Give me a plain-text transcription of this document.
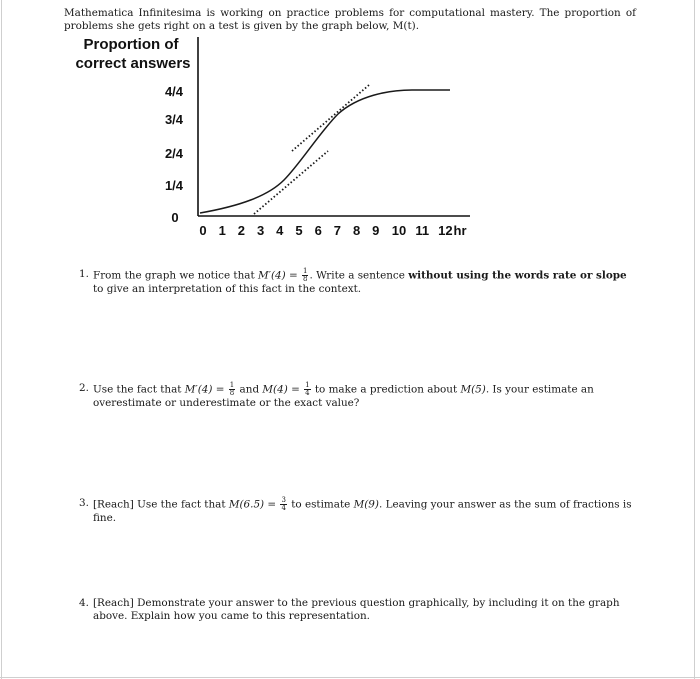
Mathematica Infinitesima is working on practice problems for computational mastery. The proportion of problems she gets right on a test is given by the graph below, M(t).

Proportion of
correct answers
4/4
3/4
2/4
1/4
0
0 1 2 3 4 5 6 7 8 9 10 11 12 hr
1. From the graph we notice that $M'(4) = \frac{1}{8}$ . Write a sentence without using the words rate or slope to give an interpretation of this fact in the context.
2. Use the fact that $M'(4) = \frac{1}{8}$ and $M(4) = \frac{1}{4}$ to make a prediction about M(5). Is your estimate an overestimate or underestimate or the exact value?
3. [Reach] Use the fact that $M(6.5) = \frac{3}{4}$ to estimate M(9). Leaving your answer as the sum of fractions is fine.
4. [Reach] Demonstrate your answer to the previous question graphically, by including it on the graph above. Explain how you came to this representation.
